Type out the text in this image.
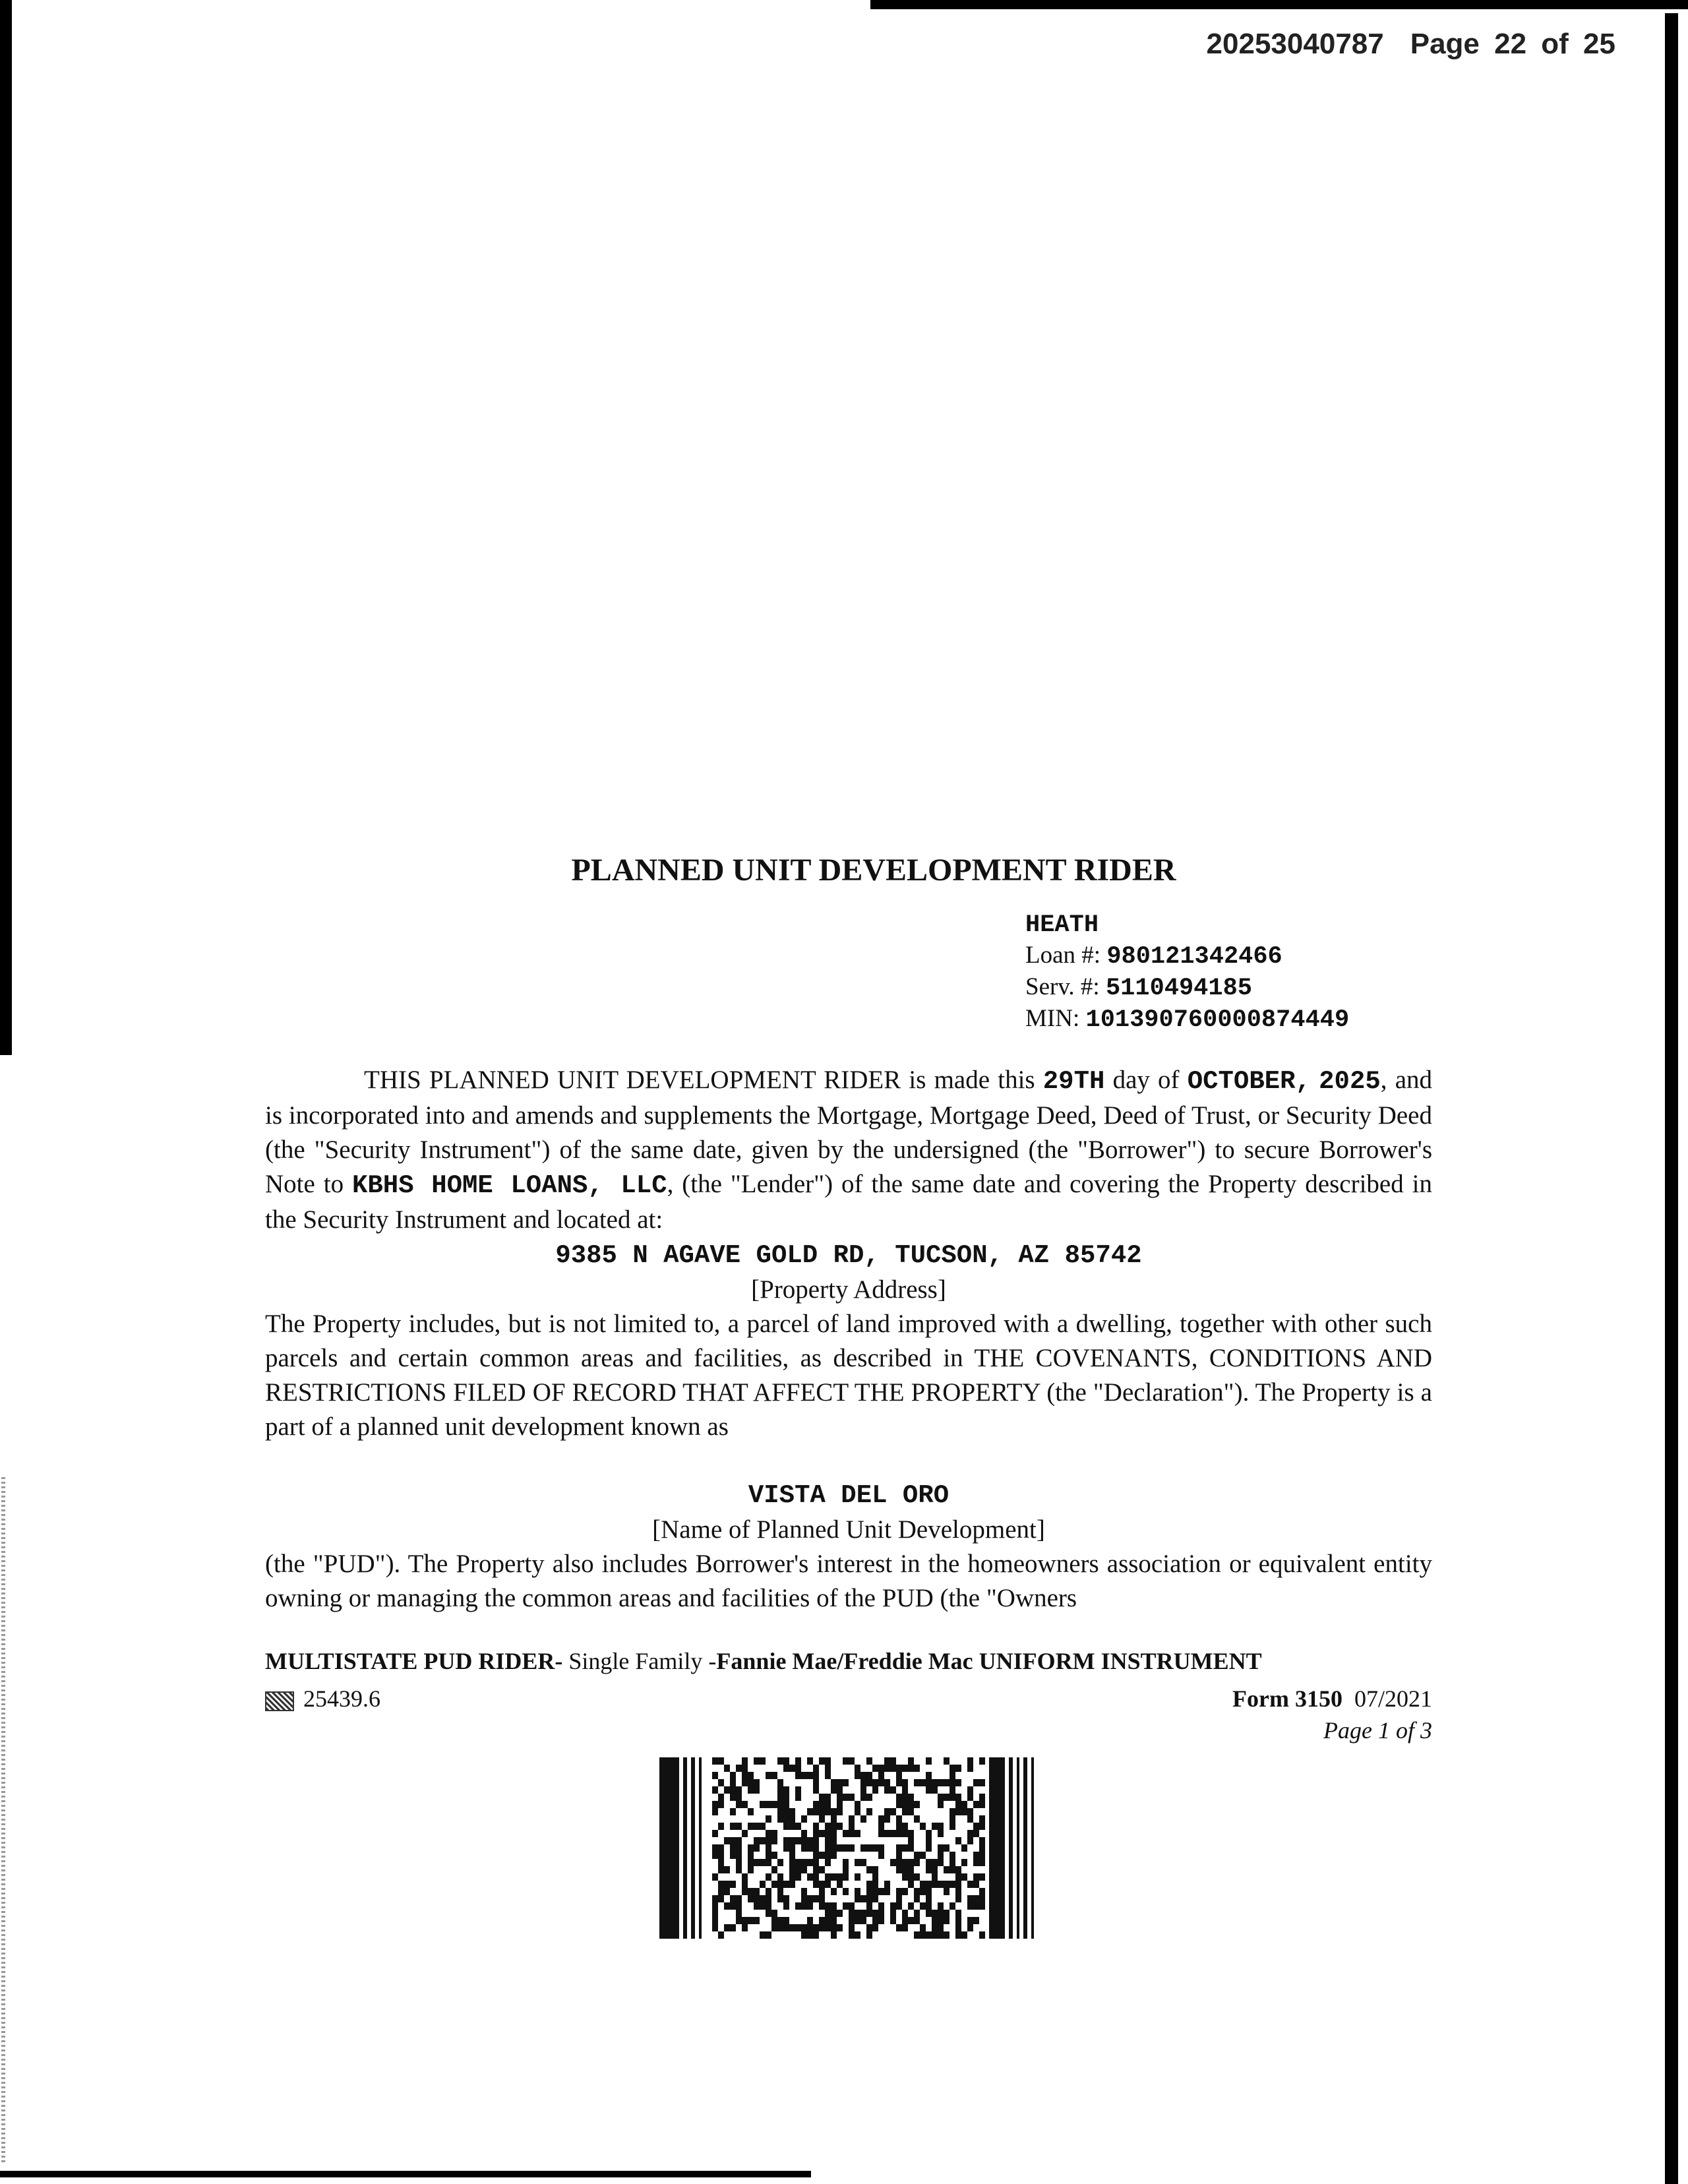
20253040787 Page 22 of 25
PLANNED UNIT DEVELOPMENT RIDER
HEATH
Loan #: 980121342466
Serv. #: 5110494185
MIN: 101390760000874449
THIS PLANNED UNIT DEVELOPMENT RIDER is made this 29TH day of OCTOBER, 2025, and is incorporated into and amends and supplements the Mortgage, Mortgage Deed, Deed of Trust, or Security Deed (the "Security Instrument") of the same date, given by the undersigned (the "Borrower") to secure Borrower's Note to KBHS HOME LOANS, LLC, (the "Lender") of the same date and covering the Property described in the Security Instrument and located at:
9385 N AGAVE GOLD RD, TUCSON, AZ 85742
[Property Address]
The Property includes, but is not limited to, a parcel of land improved with a dwelling, together with other such parcels and certain common areas and facilities, as described in THE COVENANTS, CONDITIONS AND RESTRICTIONS FILED OF RECORD THAT AFFECT THE PROPERTY (the "Declaration"). The Property is a part of a planned unit development known as
VISTA DEL ORO
[Name of Planned Unit Development]
(the "PUD"). The Property also includes Borrower's interest in the homeowners association or equivalent entity owning or managing the common areas and facilities of the PUD (the "Owners
MULTISTATE PUD RIDER- Single Family -Fannie Mae/Freddie Mac UNIFORM INSTRUMENT
25439.6	Form 3150 07/2021
Page 1 of 3
